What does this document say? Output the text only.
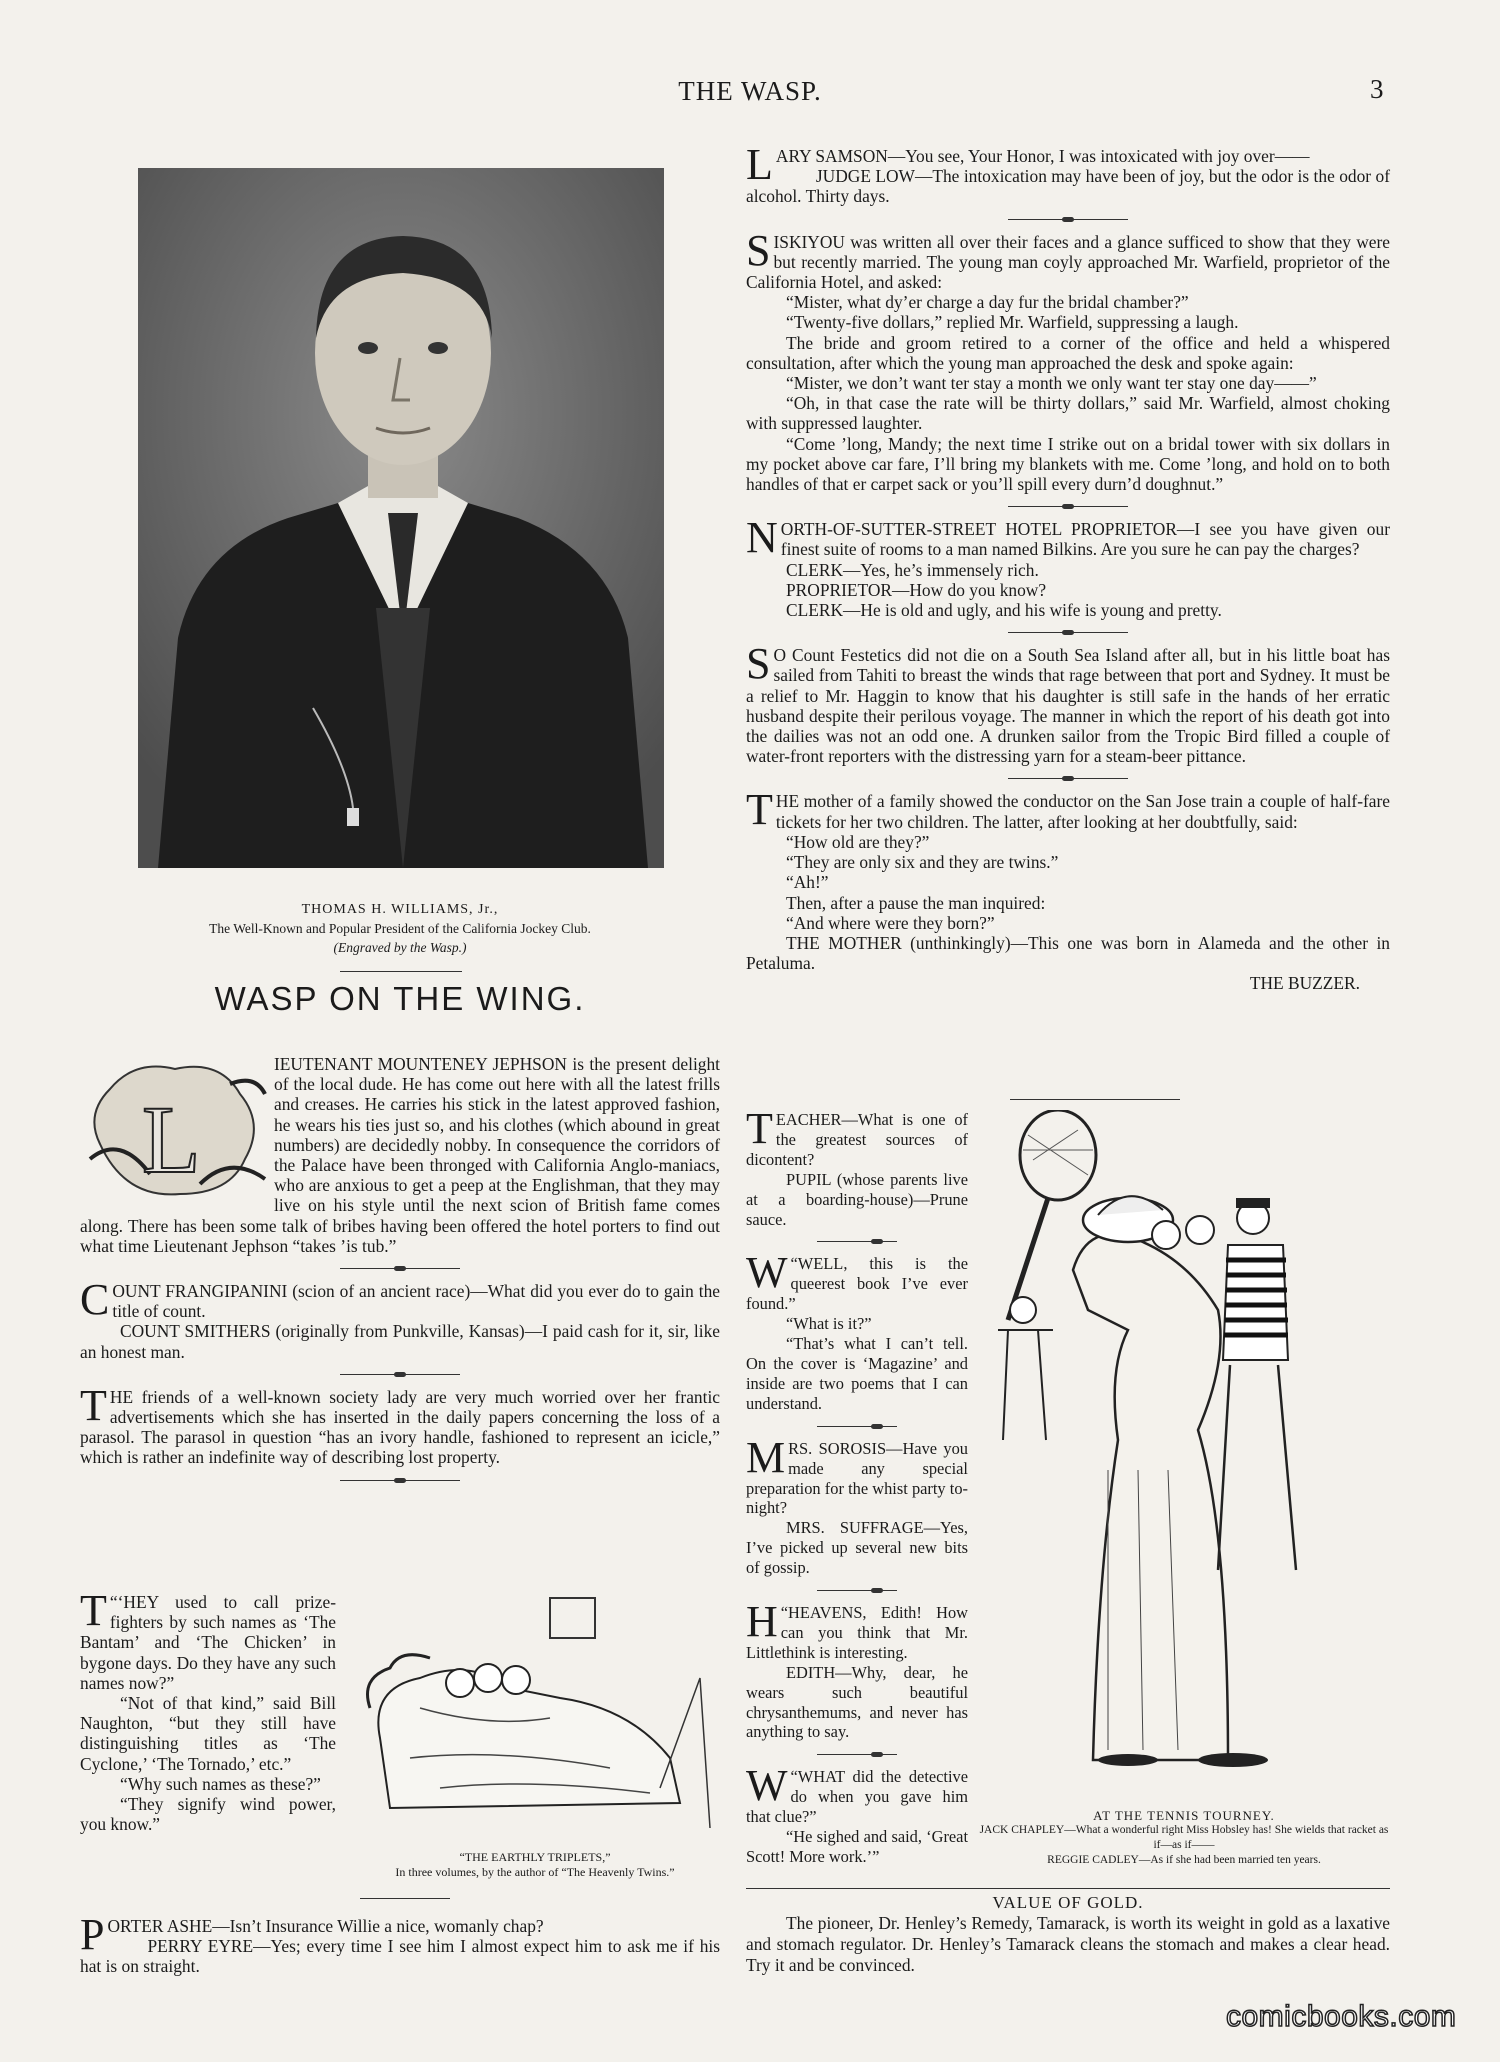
THE WASP.	3
THOMAS H. WILLIAMS, Jr.,
The Well-Known and Popular President of the California Jockey Club.
(Engraved by the Wasp.)
WASP ON THE WING.
L

IEUTENANT MOUNTENEY JEPHSON is the present delight of the local dude. He has come out here with all the latest frills and creases. He carries his stick in the latest approved fashion, he wears his ties just so, and his clothes (which abound in great numbers) are decidedly nobby. In consequence the corridors of the Palace have been thronged with California Anglo-maniacs, who are anxious to get a peep at the Englishman, that they may live on his style until the next scion of British fame comes along. There has been some talk of bribes having been offered the hotel porters to find out what time Lieutenant Jephson “takes ’is tub.”

C OUNT FRANGIPANINI (scion of an ancient race)—What did you ever do to gain the title of count.

COUNT SMITHERS (originally from Punkville, Kansas)—I paid cash for it, sir, like an honest man.

T HE friends of a well-known society lady are very much worried over her frantic advertisements which she has inserted in the daily papers concerning the loss of a parasol. The parasol in question “has an ivory handle, fashioned to represent an icicle,” which is rather an indefinite way of describing lost property.

T “‘HEY used to call prize-fighters by such names as ‘The Bantam’ and ‘The Chicken’ in bygone days. Do they have any such names now?”

“Not of that kind,” said Bill Naughton, “but they still have distinguishing titles as ‘The Cyclone,’ ‘The Tornado,’ etc.”

“Why such names as these?”

“They signify wind power, you know.”

“THE EARTHLY TRIPLETS,”
In three volumes, by the author of “The Heavenly Twins.”
P ORTER ASHE—Isn’t Insurance Willie a nice, womanly chap?

PERRY EYRE—Yes; every time I see him I almost expect him to ask me if his hat is on straight.

L ARY SAMSON—You see, Your Honor, I was intoxicated with joy over——

JUDGE LOW—The intoxication may have been of joy, but the odor is the odor of alcohol. Thirty days.

S ISKIYOU was written all over their faces and a glance sufficed to show that they were but recently married. The young man coyly approached Mr. Warfield, proprietor of the California Hotel, and asked:

“Mister, what dy’er charge a day fur the bridal chamber?”

“Twenty-five dollars,” replied Mr. Warfield, suppressing a laugh.

The bride and groom retired to a corner of the office and held a whispered consultation, after which the young man approached the desk and spoke again:

“Mister, we don’t want ter stay a month we only want ter stay one day——”

“Oh, in that case the rate will be thirty dollars,” said Mr. Warfield, almost choking with suppressed laughter.

“Come ’long, Mandy; the next time I strike out on a bridal tower with six dollars in my pocket above car fare, I’ll bring my blankets with me. Come ’long, and hold on to both handles of that er carpet sack or you’ll spill every durn’d doughnut.”

N ORTH-OF-SUTTER-STREET HOTEL PROPRIETOR—I see you have given our finest suite of rooms to a man named Bilkins. Are you sure he can pay the charges?

CLERK—Yes, he’s immensely rich.

PROPRIETOR—How do you know?

CLERK—He is old and ugly, and his wife is young and pretty.

S O Count Festetics did not die on a South Sea Island after all, but in his little boat has sailed from Tahiti to breast the winds that rage between that port and Sydney. It must be a relief to Mr. Haggin to know that his daughter is still safe in the hands of her erratic husband despite their perilous voyage. The manner in which the report of his death got into the dailies was not an odd one. A drunken sailor from the Tropic Bird filled a couple of water-front reporters with the distressing yarn for a steam-beer pittance.

T HE mother of a family showed the conductor on the San Jose train a couple of half-fare tickets for her two children. The latter, after looking at her doubtfully, said:

“How old are they?”

“They are only six and they are twins.”

“Ah!”

Then, after a pause the man inquired:

“And where were they born?”

THE MOTHER (unthinkingly)—This one was born in Alameda and the other in Petaluma.

THE BUZZER.

T EACHER—What is one of the greatest sources of dicontent?

PUPIL (whose parents live at a boarding-house)—Prune sauce.

W “WELL, this is the queerest book I’ve ever found.”

“What is it?”

“That’s what I can’t tell. On the cover is ‘Magazine’ and inside are two poems that I can understand.

M RS. SOROSIS—Have you made any special preparation for the whist party to-night?

MRS. SUFFRAGE—Yes, I’ve picked up several new bits of gossip.

H “HEAVENS, Edith! How can you think that Mr. Littlethink is interesting.

EDITH—Why, dear, he wears such beautiful chrysanthemums, and never has anything to say.

W “WHAT did the detective do when you gave him that clue?”

“He sighed and said, ‘Great Scott! More work.’”

AT THE TENNIS TOURNEY.
JACK CHAPLEY—What a wonderful right Miss Hobsley has! She wields that racket as if—as if——
REGGIE CADLEY—As if she had been married ten years.
VALUE OF GOLD.

The pioneer, Dr. Henley’s Remedy, Tamarack, is worth its weight in gold as a laxative and stomach regulator. Dr. Henley’s Tamarack cleans the stomach and makes a clear head. Try it and be convinced.

comicbooks.com
